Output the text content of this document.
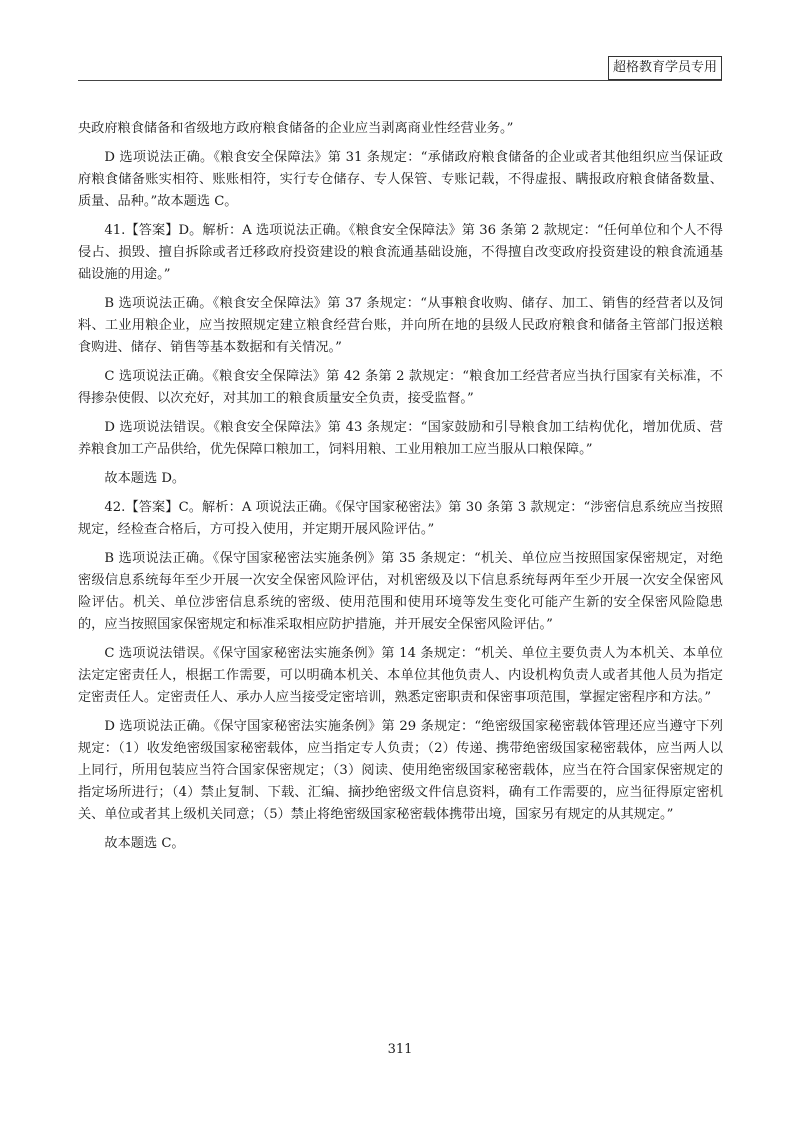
超格教育学员专用

央政府粮食储备和省级地方政府粮食储备的企业应当剥离商业性经营业务。”

D 选项说法正确。《粮食安全保障法》第 31 条规定：“承储政府粮食储备的企业或者其他组织应当保证政府粮食储备账实相符、账账相符，实行专仓储存、专人保管、专账记载，不得虚报、瞒报政府粮食储备数量、质量、品种。”故本题选 C。

41.【答案】D。解析：A 选项说法正确。《粮食安全保障法》第 36 条第 2 款规定：“任何单位和个人不得侵占、损毁、擅自拆除或者迁移政府投资建设的粮食流通基础设施，不得擅自改变政府投资建设的粮食流通基础设施的用途。”

B 选项说法正确。《粮食安全保障法》第 37 条规定：“从事粮食收购、储存、加工、销售的经营者以及饲料、工业用粮企业，应当按照规定建立粮食经营台账，并向所在地的县级人民政府粮食和储备主管部门报送粮食购进、储存、销售等基本数据和有关情况。”

C 选项说法正确。《粮食安全保障法》第 42 条第 2 款规定：“粮食加工经营者应当执行国家有关标准，不得掺杂使假、以次充好，对其加工的粮食质量安全负责，接受监督。”

D 选项说法错误。《粮食安全保障法》第 43 条规定：“国家鼓励和引导粮食加工结构优化，增加优质、营养粮食加工产品供给，优先保障口粮加工，饲料用粮、工业用粮加工应当服从口粮保障。”

故本题选 D。

42.【答案】C。解析：A 项说法正确。《保守国家秘密法》第 30 条第 3 款规定：“涉密信息系统应当按照规定，经检查合格后，方可投入使用，并定期开展风险评估。”

B 选项说法正确。《保守国家秘密法实施条例》第 35 条规定：“机关、单位应当按照国家保密规定，对绝密级信息系统每年至少开展一次安全保密风险评估，对机密级及以下信息系统每两年至少开展一次安全保密风险评估。机关、单位涉密信息系统的密级、使用范围和使用环境等发生变化可能产生新的安全保密风险隐患的，应当按照国家保密规定和标准采取相应防护措施，并开展安全保密风险评估。”

C 选项说法错误。《保守国家秘密法实施条例》第 14 条规定：“机关、单位主要负责人为本机关、本单位法定定密责任人，根据工作需要，可以明确本机关、本单位其他负责人、内设机构负责人或者其他人员为指定定密责任人。定密责任人、承办人应当接受定密培训，熟悉定密职责和保密事项范围，掌握定密程序和方法。”

D 选项说法正确。《保守国家秘密法实施条例》第 29 条规定：“绝密级国家秘密载体管理还应当遵守下列规定：（1）收发绝密级国家秘密载体，应当指定专人负责；（2）传递、携带绝密级国家秘密载体，应当两人以上同行，所用包装应当符合国家保密规定；（3）阅读、使用绝密级国家秘密载体，应当在符合国家保密规定的指定场所进行；（4）禁止复制、下载、汇编、摘抄绝密级文件信息资料，确有工作需要的，应当征得原定密机关、单位或者其上级机关同意；（5）禁止将绝密级国家秘密载体携带出境，国家另有规定的从其规定。”

故本题选 C。

311
